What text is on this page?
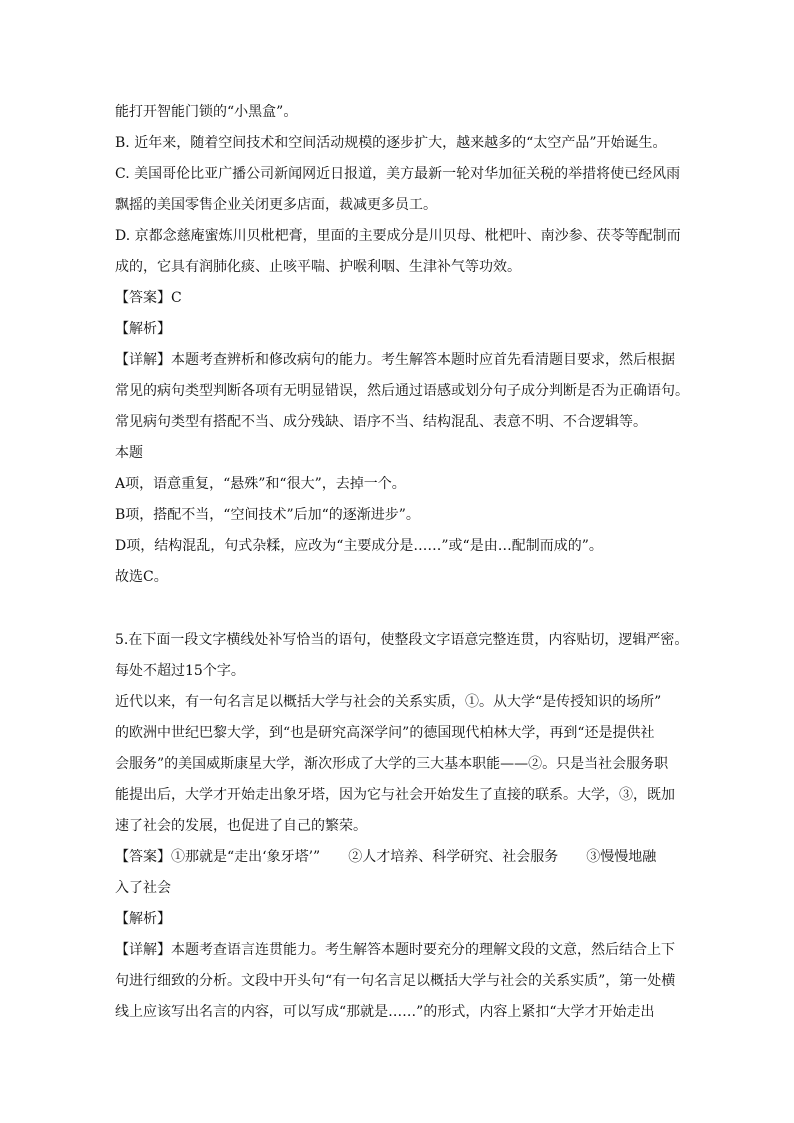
能打开智能门锁的“小黑盒”。
B. 近年来，随着空间技术和空间活动规模的逐步扩大，越来越多的“太空产品”开始诞生。
C. 美国哥伦比亚广播公司新闻网近日报道，美方最新一轮对华加征关税的举措将使已经风雨
飘摇的美国零售企业关闭更多店面，裁减更多员工。
D. 京都念慈庵蜜炼川贝枇杷膏，里面的主要成分是川贝母、枇杷叶、南沙参、茯苓等配制而
成的，它具有润肺化痰、止咳平喘、护喉利咽、生津补气等功效。
【答案】C
【解析】
【详解】本题考查辨析和修改病句的能力。考生解答本题时应首先看清题目要求，然后根据
常见的病句类型判断各项有无明显错误，然后通过语感或划分句子成分判断是否为正确语句。
常见病句类型有搭配不当、成分残缺、语序不当、结构混乱、表意不明、不合逻辑等。
本题
A项，语意重复，“悬殊”和“很大”，去掉一个。
B项，搭配不当，“空间技术”后加“的逐渐进步”。
D项，结构混乱，句式杂糅，应改为“主要成分是……”或“是由…配制而成的”。
故选C。
5.在下面一段文字横线处补写恰当的语句，使整段文字语意完整连贯，内容贴切，逻辑严密。
每处不超过15个字。
近代以来，有一句名言足以概括大学与社会的关系实质，①。从大学“是传授知识的场所”
的欧洲中世纪巴黎大学，到“也是研究高深学问”的德国现代柏林大学，再到“还是提供社
会服务”的美国威斯康星大学，渐次形成了大学的三大基本职能——②。只是当社会服务职
能提出后，大学才开始走出象牙塔，因为它与社会开始发生了直接的联系。大学，③，既加
速了社会的发展，也促进了自己的繁荣。
【答案】①那就是“走出‘象牙塔’”　　②人才培养、科学研究、社会服务　　③慢慢地融
入了社会
【解析】
【详解】本题考查语言连贯能力。考生解答本题时要充分的理解文段的文意，然后结合上下
句进行细致的分析。文段中开头句“有一句名言足以概括大学与社会的关系实质”，第一处横
线上应该写出名言的内容，可以写成“那就是……”的形式，内容上紧扣“大学才开始走出
